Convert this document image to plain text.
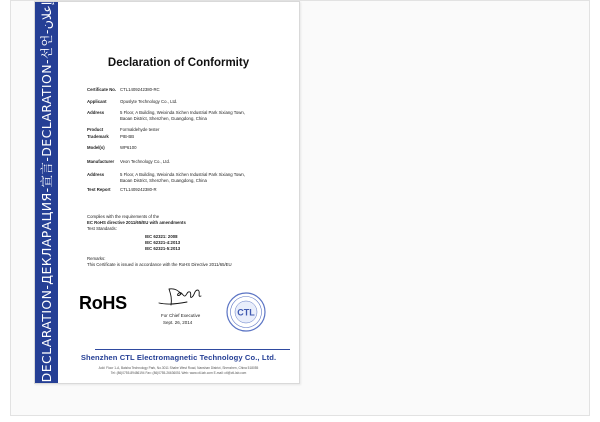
DECLARATION-ДЕКЛАРАЦИЯ-宣言-DECLARATION-선언-إعلان
Declaration of Conformity
Certificate No. CTL1409242380-RC
Applicant	Opuslyte Technology Co., Ltd.
Address	5 Floor, A Building, Weixinda Xichen Industrial Park Xixiang Town,
Baoan District, Shenzhen, Guangdong, China
Product	Formaldehyde tester
Trademark	PIB-BB
Model(s)	WP6100
Manufacturer	Veon Technology Co., Ltd.
Address	5 Floor, A Building, Weixinda Xichen Industrial Park Xixiang Town,
Baoan District, Shenzhen, Guangdong, China
Test Report	CTL1409242380-R
Complies with the requirements of the
EC RoHS directive 2011/65/EU with amendments
Test Standards:
IEC 62321: 2008
IEC 62321-4:2013
IEC 62321-5:2013
Remarks:
This Certificate is issued in accordance with the RoHS Directive 2011/65/EU
RoHS
For Chief Executive
Sept. 26, 2014
CTL
Shenzhen CTL Electromagnetic Technology Co., Ltd.
Add: Floor 1-A, Baisha Technology Park, No.3011 Shahe West Road, Nanshan District, Shenzhen, China 518055
Tel: (86)0755-89486194 Fax: (86)0755-26636051 Web: www.ctl-lab.com E-mail: ctl@ctl-lab.com
